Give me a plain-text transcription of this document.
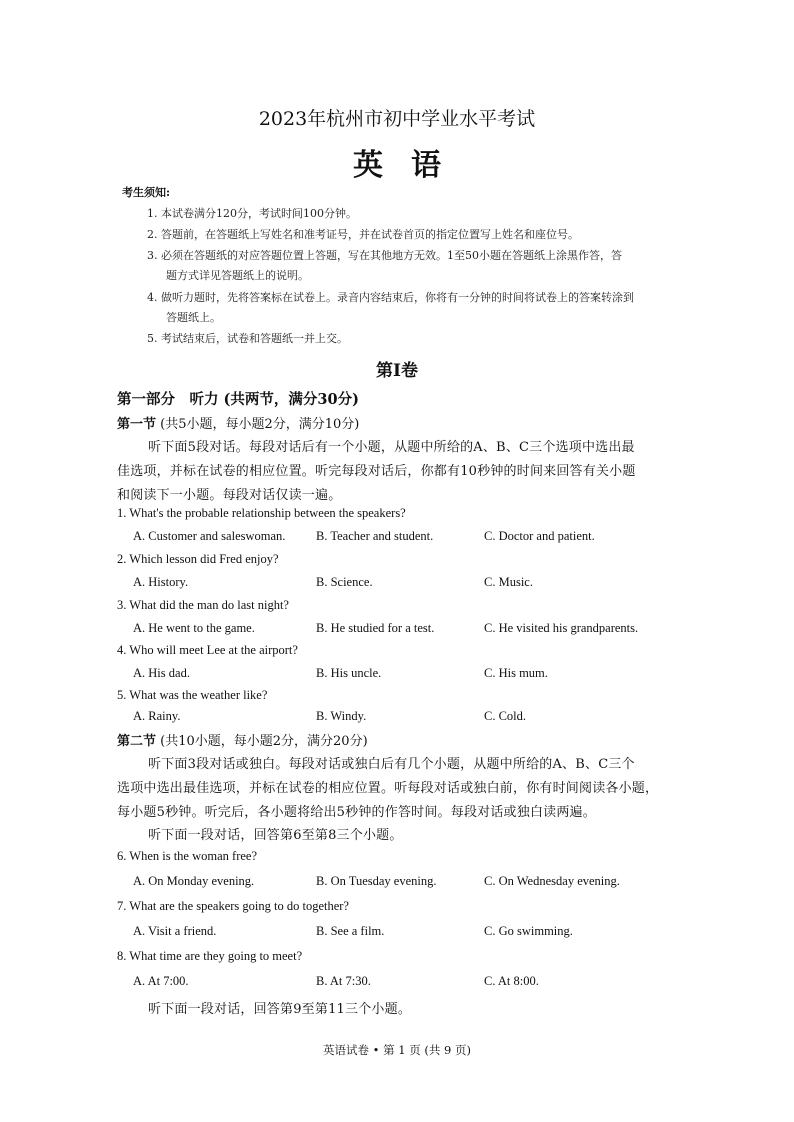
2023年杭州市初中学业水平考试
英语
考生须知:
1. 本试卷满分120分，考试时间100分钟。
2. 答题前，在答题纸上写姓名和准考证号，并在试卷首页的指定位置写上姓名和座位号。
3. 必须在答题纸的对应答题位置上答题，写在其他地方无效。1至50小题在答题纸上涂黑作答，答
题方式详见答题纸上的说明。
4. 做听力题时，先将答案标在试卷上。录音内容结束后，你将有一分钟的时间将试卷上的答案转涂到
答题纸上。
5. 考试结束后，试卷和答题纸一并上交。
第I卷
第一部分　听力 (共两节，满分30分)
第一节 (共5小题，每小题2分，满分10分)
听下面5段对话。每段对话后有一个小题，从题中所给的A、B、C三个选项中选出最
佳选项，并标在试卷的相应位置。听完每段对话后，你都有10秒钟的时间来回答有关小题
和阅读下一小题。每段对话仅读一遍。
1. What's the probable relationship between the speakers?
A. Customer and saleswoman. B. Teacher and student.	C. Doctor and patient.
2. Which lesson did Fred enjoy?
A. History.	B. Science.	C. Music.
3. What did the man do last night?
A. He went to the game.	B. He studied for a test.	C. He visited his grandparents.
4. Who will meet Lee at the airport?
A. His dad.	B. His uncle.	C. His mum.
5. What was the weather like?
A. Rainy.	B. Windy.	C. Cold.
第二节 (共10小题，每小题2分，满分20分)
听下面3段对话或独白。每段对话或独白后有几个小题，从题中所给的A、B、C三个
选项中选出最佳选项，并标在试卷的相应位置。听每段对话或独白前，你有时间阅读各小题，
每小题5秒钟。听完后，各小题将给出5秒钟的作答时间。每段对话或独白读两遍。
听下面一段对话，回答第6至第8三个小题。
6. When is the woman free?
A. On Monday evening.	B. On Tuesday evening.	C. On Wednesday evening.
7. What are the speakers going to do together?
A. Visit a friend.	B. See a film.	C. Go swimming.
8. What time are they going to meet?
A. At 7:00.	B. At 7:30.	C. At 8:00.
听下面一段对话，回答第9至第11三个小题。
英语试卷 • 第 1 页 (共 9 页)
